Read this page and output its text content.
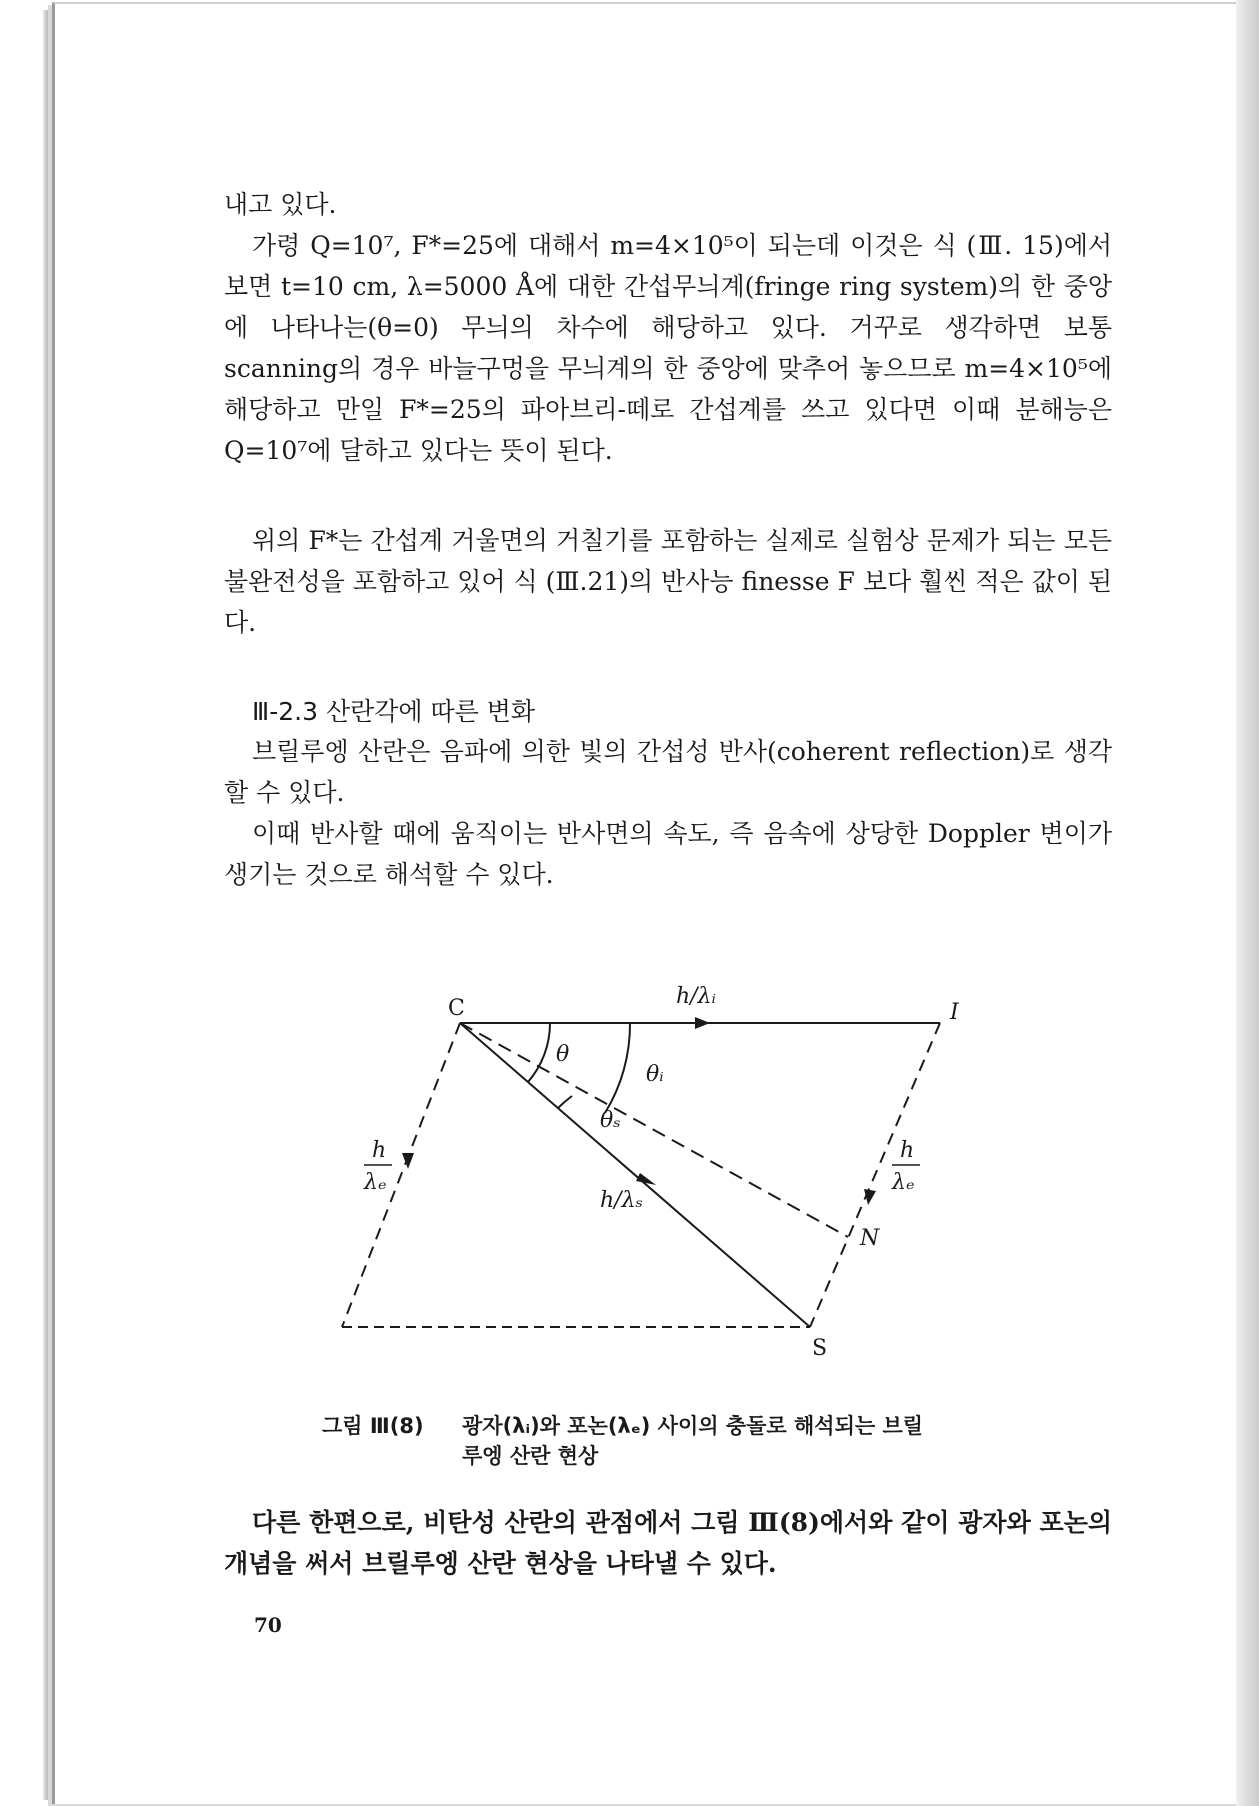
내고 있다.

가령 Q=10⁷, F*=25에 대해서 m=4×10⁵이 되는데 이것은 식 (Ⅲ. 15)에서 보면 t=10 cm, λ=5000 Å에 대한 간섭무늬계(fringe ring system)의 한 중앙에 나타나는(θ=0) 무늬의 차수에 해당하고 있다. 거꾸로 생각하면 보통 scanning의 경우 바늘구멍을 무늬계의 한 중앙에 맞추어 놓으므로 m=4×10⁵에 해당하고 만일 F*=25의 파아브리-떼로 간섭계를 쓰고 있다면 이때 분해능은 Q=10⁷에 달하고 있다는 뜻이 된다.

위의 F*는 간섭계 거울면의 거칠기를 포함하는 실제로 실험상 문제가 되는 모든 불완전성을 포함하고 있어 식 (Ⅲ.21)의 반사능 finesse F 보다 훨씬 적은 값이 된다.

Ⅲ-2.3 산란각에 따른 변화

브릴루엥 산란은 음파에 의한 빛의 간섭성 반사(coherent reflection)로 생각할 수 있다.

이때 반사할 때에 움직이는 반사면의 속도, 즉 음속에 상당한 Doppler 변이가 생기는 것으로 해석할 수 있다.

C	I
N
S
θ
θᵢ
θₛ
h/λᵢ
h/λₛ
h
λₑ
h
λₑ
그림 Ⅲ(8) 광자(λᵢ)와 포논(λₑ) 사이의 충돌로 해석되는 브릴
루엥 산란 현상

다른 한편으로, 비탄성 산란의 관점에서 그림 Ⅲ(8)에서와 같이 광자와 포논의 개념을 써서 브릴루엥 산란 현상을 나타낼 수 있다.

70
